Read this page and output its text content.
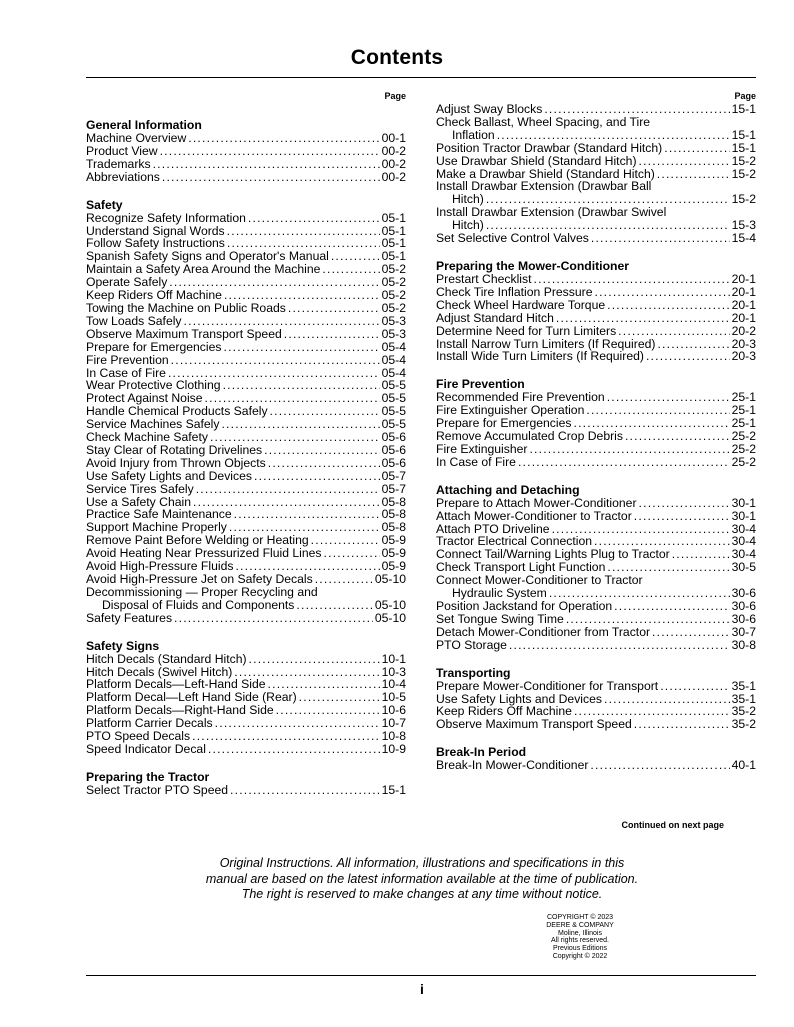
Contents
Page
General Information
Machine Overview .....	00-1
Product View .....	00-2
Trademarks .....	00-2
Abbreviations .....	00-2
Safety
Recognize Safety Information .....	05-1
Understand Signal Words .....	05-1
Follow Safety Instructions .....	05-1
Spanish Safety Signs and Operator's Manual .....	05-1
Maintain a Safety Area Around the Machine .....	05-2
Operate Safely .....	05-2
Keep Riders Off Machine .....	05-2
Towing the Machine on Public Roads .....	05-2
Tow Loads Safely .....	05-3
Observe Maximum Transport Speed .....	05-3
Prepare for Emergencies .....	05-4
Fire Prevention .....	05-4
In Case of Fire .....	05-4
Wear Protective Clothing .....	05-5
Protect Against Noise .....	05-5
Handle Chemical Products Safely .....	05-5
Service Machines Safely .....	05-5
Check Machine Safety .....	05-6
Stay Clear of Rotating Drivelines .....	05-6
Avoid Injury from Thrown Objects .....	05-6
Use Safety Lights and Devices .....	05-7
Service Tires Safely .....	05-7
Use a Safety Chain .....	05-8
Practice Safe Maintenance .....	05-8
Support Machine Properly .....	05-8
Remove Paint Before Welding or Heating .....	05-9
Avoid Heating Near Pressurized Fluid Lines .....	05-9
Avoid High-Pressure Fluids .....	05-9
Avoid High-Pressure Jet on Safety Decals .....	05-10
Decommissioning — Proper Recycling and
Disposal of Fluids and Components .....	05-10
Safety Features .....	05-10
Safety Signs
Hitch Decals (Standard Hitch) .....	10-1
Hitch Decals (Swivel Hitch) .....	10-3
Platform Decals—Left-Hand Side .....	10-4
Platform Decal—Left Hand Side (Rear) .....	10-5
Platform Decals—Right-Hand Side .....	10-6
Platform Carrier Decals .....	10-7
PTO Speed Decals .....	10-8
Speed Indicator Decal .....	10-9
Preparing the Tractor
Select Tractor PTO Speed .....	15-1
Page
Adjust Sway Blocks .....	15-1
Check Ballast, Wheel Spacing, and Tire
Inflation .....	15-1
Position Tractor Drawbar (Standard Hitch) .....	15-1
Use Drawbar Shield (Standard Hitch) .....	15-2
Make a Drawbar Shield (Standard Hitch) .....	15-2
Install Drawbar Extension (Drawbar Ball
Hitch) .....	15-2
Install Drawbar Extension (Drawbar Swivel
Hitch) .....	15-3
Set Selective Control Valves .....	15-4
Preparing the Mower-Conditioner
Prestart Checklist .....	20-1
Check Tire Inflation Pressure .....	20-1
Check Wheel Hardware Torque .....	20-1
Adjust Standard Hitch .....	20-1
Determine Need for Turn Limiters .....	20-2
Install Narrow Turn Limiters (If Required) .....	20-3
Install Wide Turn Limiters (If Required) .....	20-3
Fire Prevention
Recommended Fire Prevention .....	25-1
Fire Extinguisher Operation .....	25-1
Prepare for Emergencies .....	25-1
Remove Accumulated Crop Debris .....	25-2
Fire Extinguisher .....	25-2
In Case of Fire .....	25-2
Attaching and Detaching
Prepare to Attach Mower-Conditioner .....	30-1
Attach Mower-Conditioner to Tractor .....	30-1
Attach PTO Driveline .....	30-4
Tractor Electrical Connection .....	30-4
Connect Tail/Warning Lights Plug to Tractor .....	30-4
Check Transport Light Function .....	30-5
Connect Mower-Conditioner to Tractor
Hydraulic System .....	30-6
Position Jackstand for Operation .....	30-6
Set Tongue Swing Time .....	30-6
Detach Mower-Conditioner from Tractor .....	30-7
PTO Storage .....	30-8
Transporting
Prepare Mower-Conditioner for Transport .....	35-1
Use Safety Lights and Devices .....	35-1
Keep Riders Off Machine .....	35-2
Observe Maximum Transport Speed .....	35-2
Break-In Period
Break-In Mower-Conditioner .....	40-1
Continued on next page
Original Instructions. All information, illustrations and specifications in this
manual are based on the latest information available at the time of publication.
The right is reserved to make changes at any time without notice.
COPYRIGHT © 2023
DEERE & COMPANY
Moline, Illinois
All rights reserved.
Previous Editions
Copyright © 2022
i
